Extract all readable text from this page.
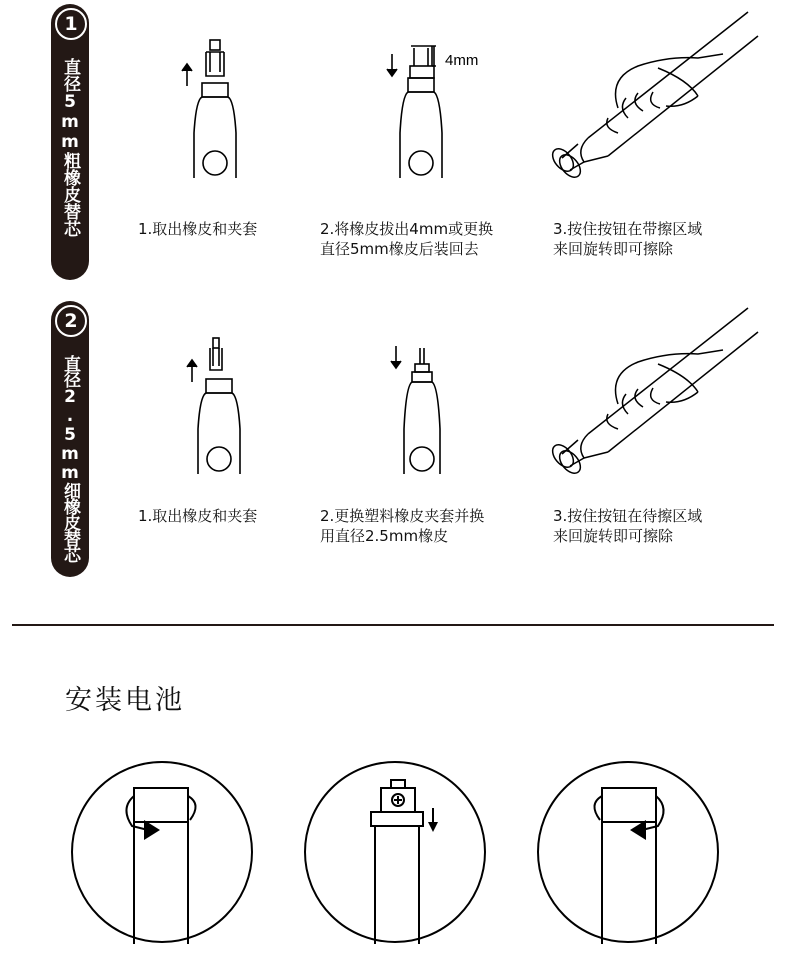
1
直径5mm粗橡皮替芯	1.取出橡皮和夹套
4mm
2.将橡皮拔出4mm或更换
直径5mm橡皮后装回去
3.按住按钮在带擦区域
来回旋转即可擦除
2
直径2.5mm细橡皮替芯	1.取出橡皮和夹套	2.更换塑料橡皮夹套并换
用直径2.5mm橡皮
3.按住按钮在待擦区域
来回旋转即可擦除
安装电池
